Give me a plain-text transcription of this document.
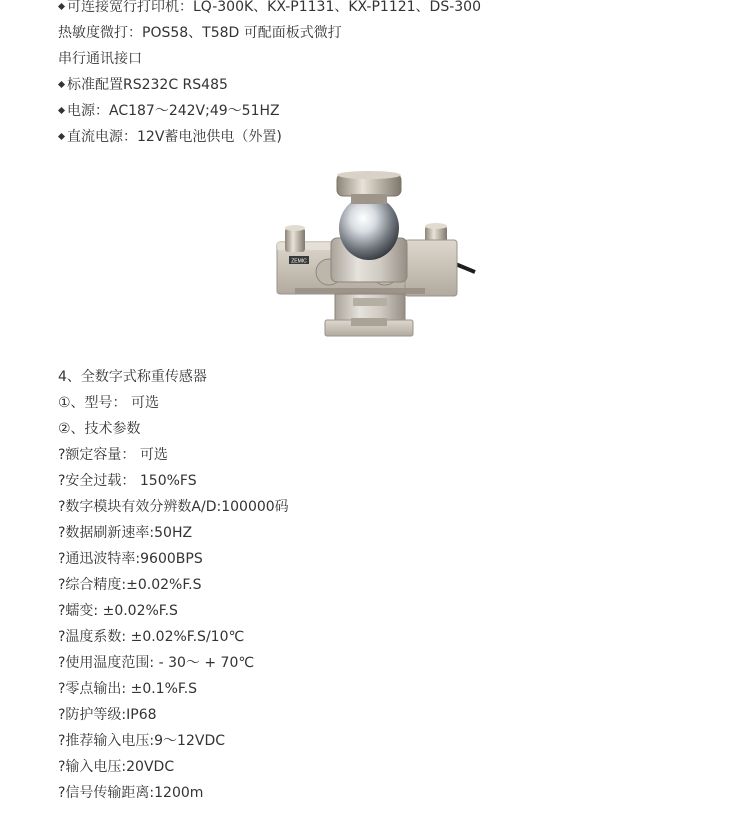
可连接宽行打印机：LQ-300K、KX-P1131、KX-P1121、DS-300
热敏度微打：POS58、T58D 可配面板式微打
串行通讯接口
标准配置RS232C RS485
电源：AC187～242V;49～51HZ
直流电源：12V蓄电池供电（外置)
ZEMIC
4、全数字式称重传感器
①、型号： 可选
②、技术参数
?额定容量： 可选
?安全过载： 150%FS
?数字模块有效分辨数A/D:100000码
?数据刷新速率:50HZ
?通迅波特率:9600BPS
?综合精度:±0.02%F.S
?蠕变: ±0.02%F.S
?温度系数: ±0.02%F.S/10℃
?使用温度范围: - 30～ + 70℃
?零点输出: ±0.1%F.S
?防护等级:IP68
?推荐输入电压:9～12VDC
?输入电压:20VDC
?信号传输距离:1200m
